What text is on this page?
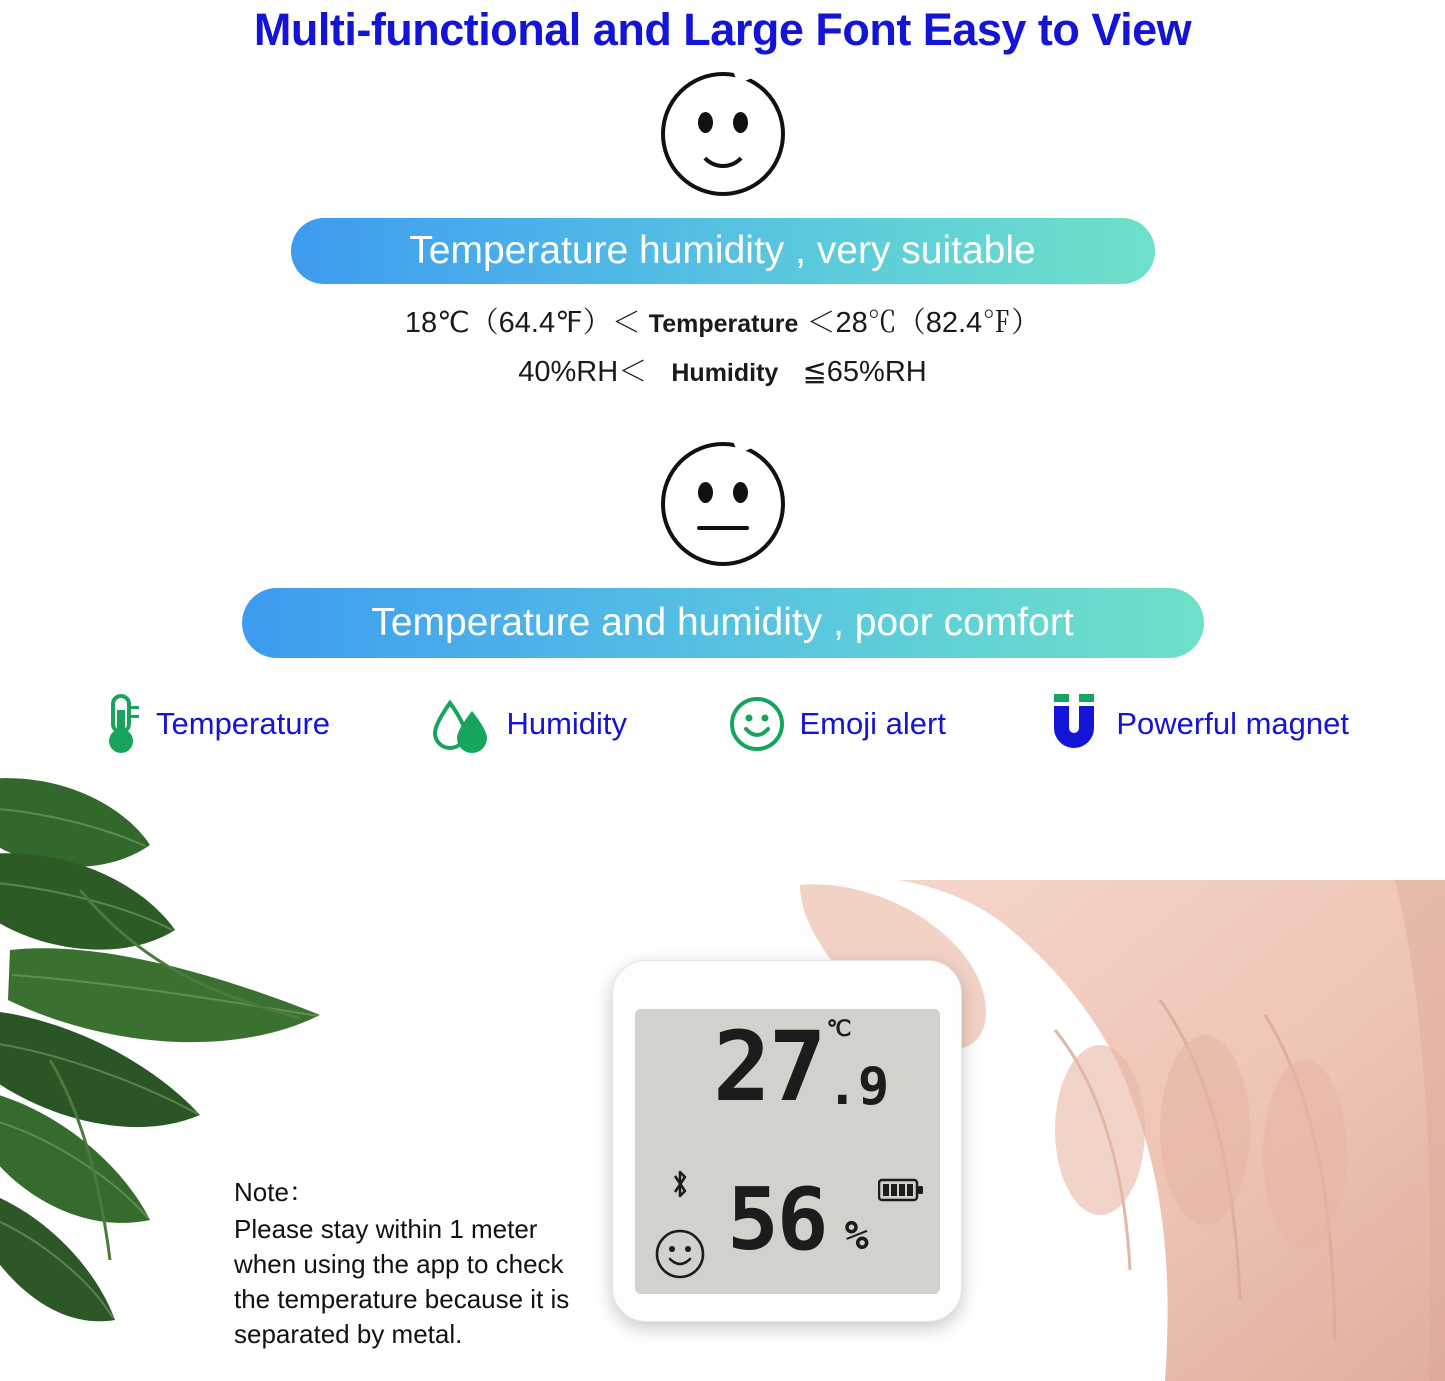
Multi-functional and Large Font Easy to View
Temperature humidity , very suitable
18℃（64.4℉）＜ Temperature ＜28℃（82.4℉）
40%RH＜ Humidity ≦65%RH
Temperature and humidity , poor comfort
Temperature	Humidity	Emoji alert	Powerful magnet
Note：
Please stay within 1 meter
when using the app to check
the temperature because it is
separated by metal.
27 ℃
.9
56 %
